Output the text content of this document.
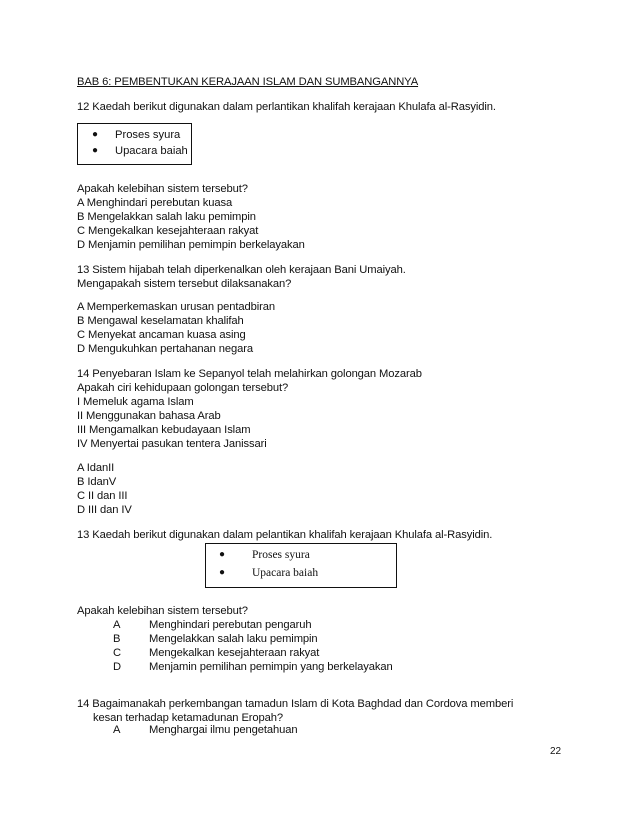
BAB 6: PEMBENTUKAN KERAJAAN ISLAM DAN SUMBANGANNYA
12 Kaedah berikut digunakan dalam perlantikan khalifah kerajaan Khulafa al-Rasyidin.
● Proses syura
● Upacara baiah
Apakah kelebihan sistem tersebut?
A Menghindari perebutan kuasa
B Mengelakkan salah laku pemimpin
C Mengekalkan kesejahteraan rakyat
D Menjamin pemilihan pemimpin berkelayakan
13 Sistem hijabah telah diperkenalkan oleh kerajaan Bani Umaiyah.
Mengapakah sistem tersebut dilaksanakan?
A Memperkemaskan urusan pentadbiran
B Mengawal keselamatan khalifah
C Menyekat ancaman kuasa asing
D Mengukuhkan pertahanan negara
14 Penyebaran Islam ke Sepanyol telah melahirkan golongan Mozarab
Apakah ciri kehidupaan golongan tersebut?
I Memeluk agama Islam
II Menggunakan bahasa Arab
III Mengamalkan kebudayaan Islam
IV Menyertai pasukan tentera Janissari
A IdanII
B IdanV
C II dan III
D III dan IV
13 Kaedah berikut digunakan dalam pelantikan khalifah kerajaan Khulafa al-Rasyidin.
● Proses syura
● Upacara baiah
Apakah kelebihan sistem tersebut?
A	Menghindari perebutan pengaruh
B	Mengelakkan salah laku pemimpin
C Mengekalkan kesejahteraan rakyat
D Menjamin pemilihan pemimpin yang berkelayakan
14 Bagaimanakah perkembangan tamadun Islam di Kota Baghdad dan Cordova memberi
kesan terhadap ketamadunan Eropah?
A	Menghargai ilmu pengetahuan
22
